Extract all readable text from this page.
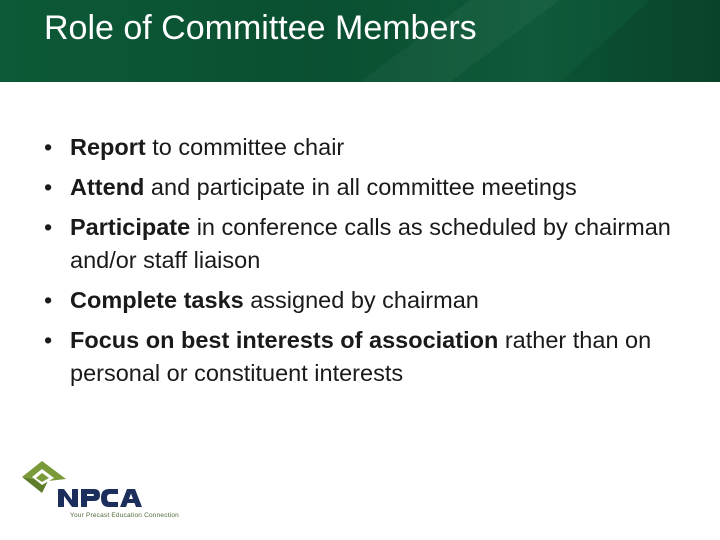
Role of Committee Members
• Report to committee chair
• Attend and participate in all committee meetings
• Participate in conference calls as scheduled by chairman and/or staff liaison
• Complete tasks assigned by chairman
• Focus on best interests of association rather than on personal or constituent interests
Your Precast Education Connection
